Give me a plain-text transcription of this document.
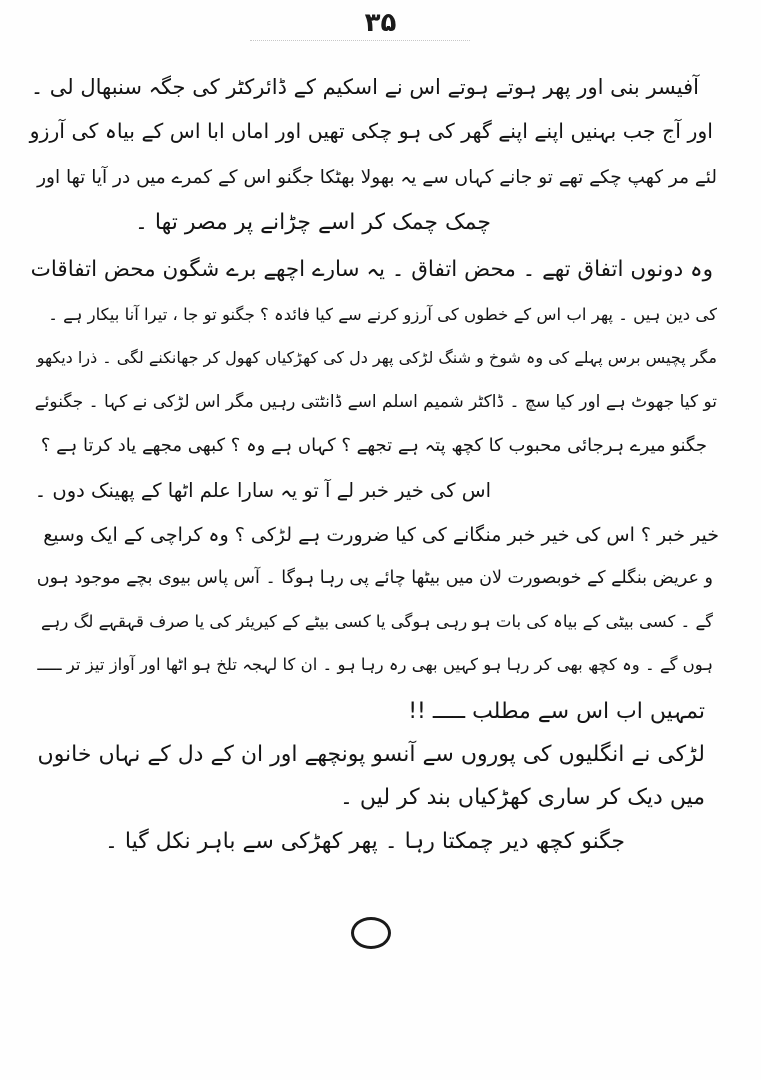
۳۵
آفیسر بنی اور پھر ہوتے ہوتے اس نے اسکیم کے ڈائرکٹر کی جگہ سنبھال لی ۔
اور آج جب بہنیں اپنے اپنے گھر کی ہو چکی تھیں اور اماں ابا اس کے بیاہ کی آرزو
لئے مر کھپ چکے تھے تو جانے کہاں سے یہ بھولا بھٹکا جگنو اس کے کمرے میں در آیا تھا اور
چمک چمک کر اسے چڑانے پر مصر تھا ۔
وہ دونوں اتفاق تھے ۔ محض اتفاق ۔ یہ سارے اچھے برے شگون محض اتفاقات
کی دین ہیں ۔ پھر اب اس کے خطوں کی آرزو کرنے سے کیا فائدہ ؟ جگنو تو جا ، تیرا آنا بیکار ہے ۔
مگر پچیس برس پہلے کی وہ شوخ و شنگ لڑکی پھر دل کی کھڑکیاں کھول کر جھانکنے لگی ۔ ذرا دیکھو
تو کیا جھوٹ ہے اور کیا سچ ۔ ڈاکٹر شمیم اسلم اسے ڈانٹتی رہیں مگر اس لڑکی نے کہا ۔ جگنوئے
جگنو میرے ہرجائی محبوب کا کچھ پتہ ہے تجھے ؟ کہاں ہے وہ ؟ کبھی مجھے یاد کرتا ہے ؟
اس کی خیر خبر لے آ تو یہ سارا علم اٹھا کے پھینک دوں ۔
خیر خبر ؟ اس کی خیر خبر منگانے کی کیا ضرورت ہے لڑکی ؟ وہ کراچی کے ایک وسیع
و عریض بنگلے کے خوبصورت لان میں بیٹھا چائے پی رہا ہوگا ۔ آس پاس بیوی بچے موجود ہوں
گے ۔ کسی بیٹی کے بیاہ کی بات ہو رہی ہوگی یا کسی بیٹے کے کیریئر کی یا صرف قہقہے لگ رہے
ہوں گے ۔ وہ کچھ بھی کر رہا ہو کہیں بھی رہ رہا ہو ۔ ان کا لہجہ تلخ ہو اٹھا اور آواز تیز تر ـــــ
تمہیں اب اس سے مطلب ـــــ !!
لڑکی نے انگلیوں کی پوروں سے آنسو پونچھے اور ان کے دل کے نہاں خانوں
میں دیک کر ساری کھڑکیاں بند کر لیں ۔
جگنو کچھ دیر چمکتا رہا ۔ پھر کھڑکی سے باہر نکل گیا ۔
